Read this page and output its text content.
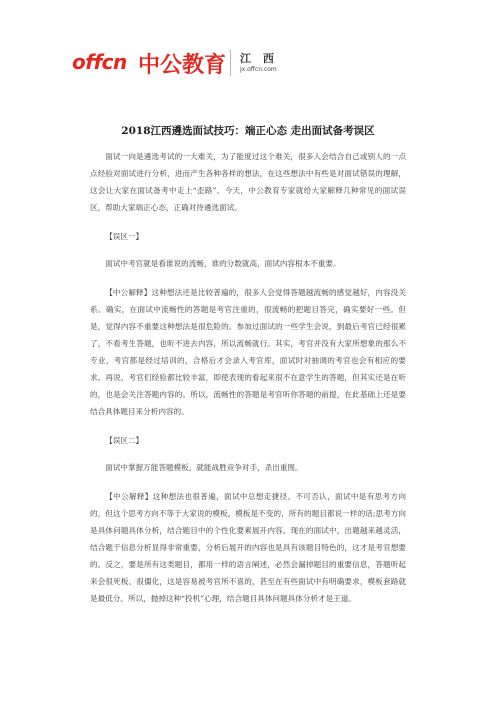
offcn 中公教育 江 西
jx.offcn.com
2018江西遴选面试技巧：端正心态 走出面试备考误区

面试一向是遴选考试的一大难关，为了能度过这个难关，很多人会结合自己或别人的一点点经验对面试进行分析，进而产生各种各样的想法，在这些想法中有些是对面试错误的理解，这会让大家在面试备考中走上“歪路”。今天，中公教育专家就给大家解释几种常见的面试误区，帮助大家端正心态，正确对待遴选面试。

【误区一】

面试中考官就是看谁说的流畅，谁的分数就高，面试内容根本不重要。

【中公解释】这种想法还是比较普遍的，很多人会觉得答题越流畅的感觉越好，内容没关系。确实，在面试中流畅性的答题是考官注重的，很流畅的把题目答完，确实要好一些。但是，觉得内容不重要这种想法是很危险的。参加过面试的一些学生会说，到最后考官已经很累了，不看考生答题，也听不进去内容，所以流畅就行。其实，考官并没有大家所想象的那么不专业，考官都是经过培训的，合格后才会录入考官库，面试时对抽调的考官也会有相应的要求。再说，考官们经验都比较丰富，即使表现的看起来很不在意学生的答题，但其实还是在听的，也是会关注答题内容的。所以，流畅性的答题是考官听你答题的前提，在此基础上还是要结合具体题目来分析内容的。

【误区二】

面试中掌握万能答题模板，就能战胜竞争对手，杀出重围。

【中公解释】这种想法也很普遍，面试中总想走捷径。不可否认，面试中是有思考方向的，但这个思考方向不等于大家说的模板。模板是不变的，所有的题目都说一样的话;思考方向是具体问题具体分析，结合题目中的个性化要素展开内容。现在的面试中，出题越来越灵活，结合题干信息分析显得非常重要，分析后展开的内容也是具有该题目特色的，这才是考官想要的。反之，要是所有这类题目，都用一样的语言阐述，必然会漏掉题目的重要信息，答题听起来会很死板、很僵化，这是容易被考官所不喜的，甚至在有些面试中有明确要求，模板套路就是最低分。所以，抛掉这种“投机”心理，结合题目具体问题具体分析才是王道。
